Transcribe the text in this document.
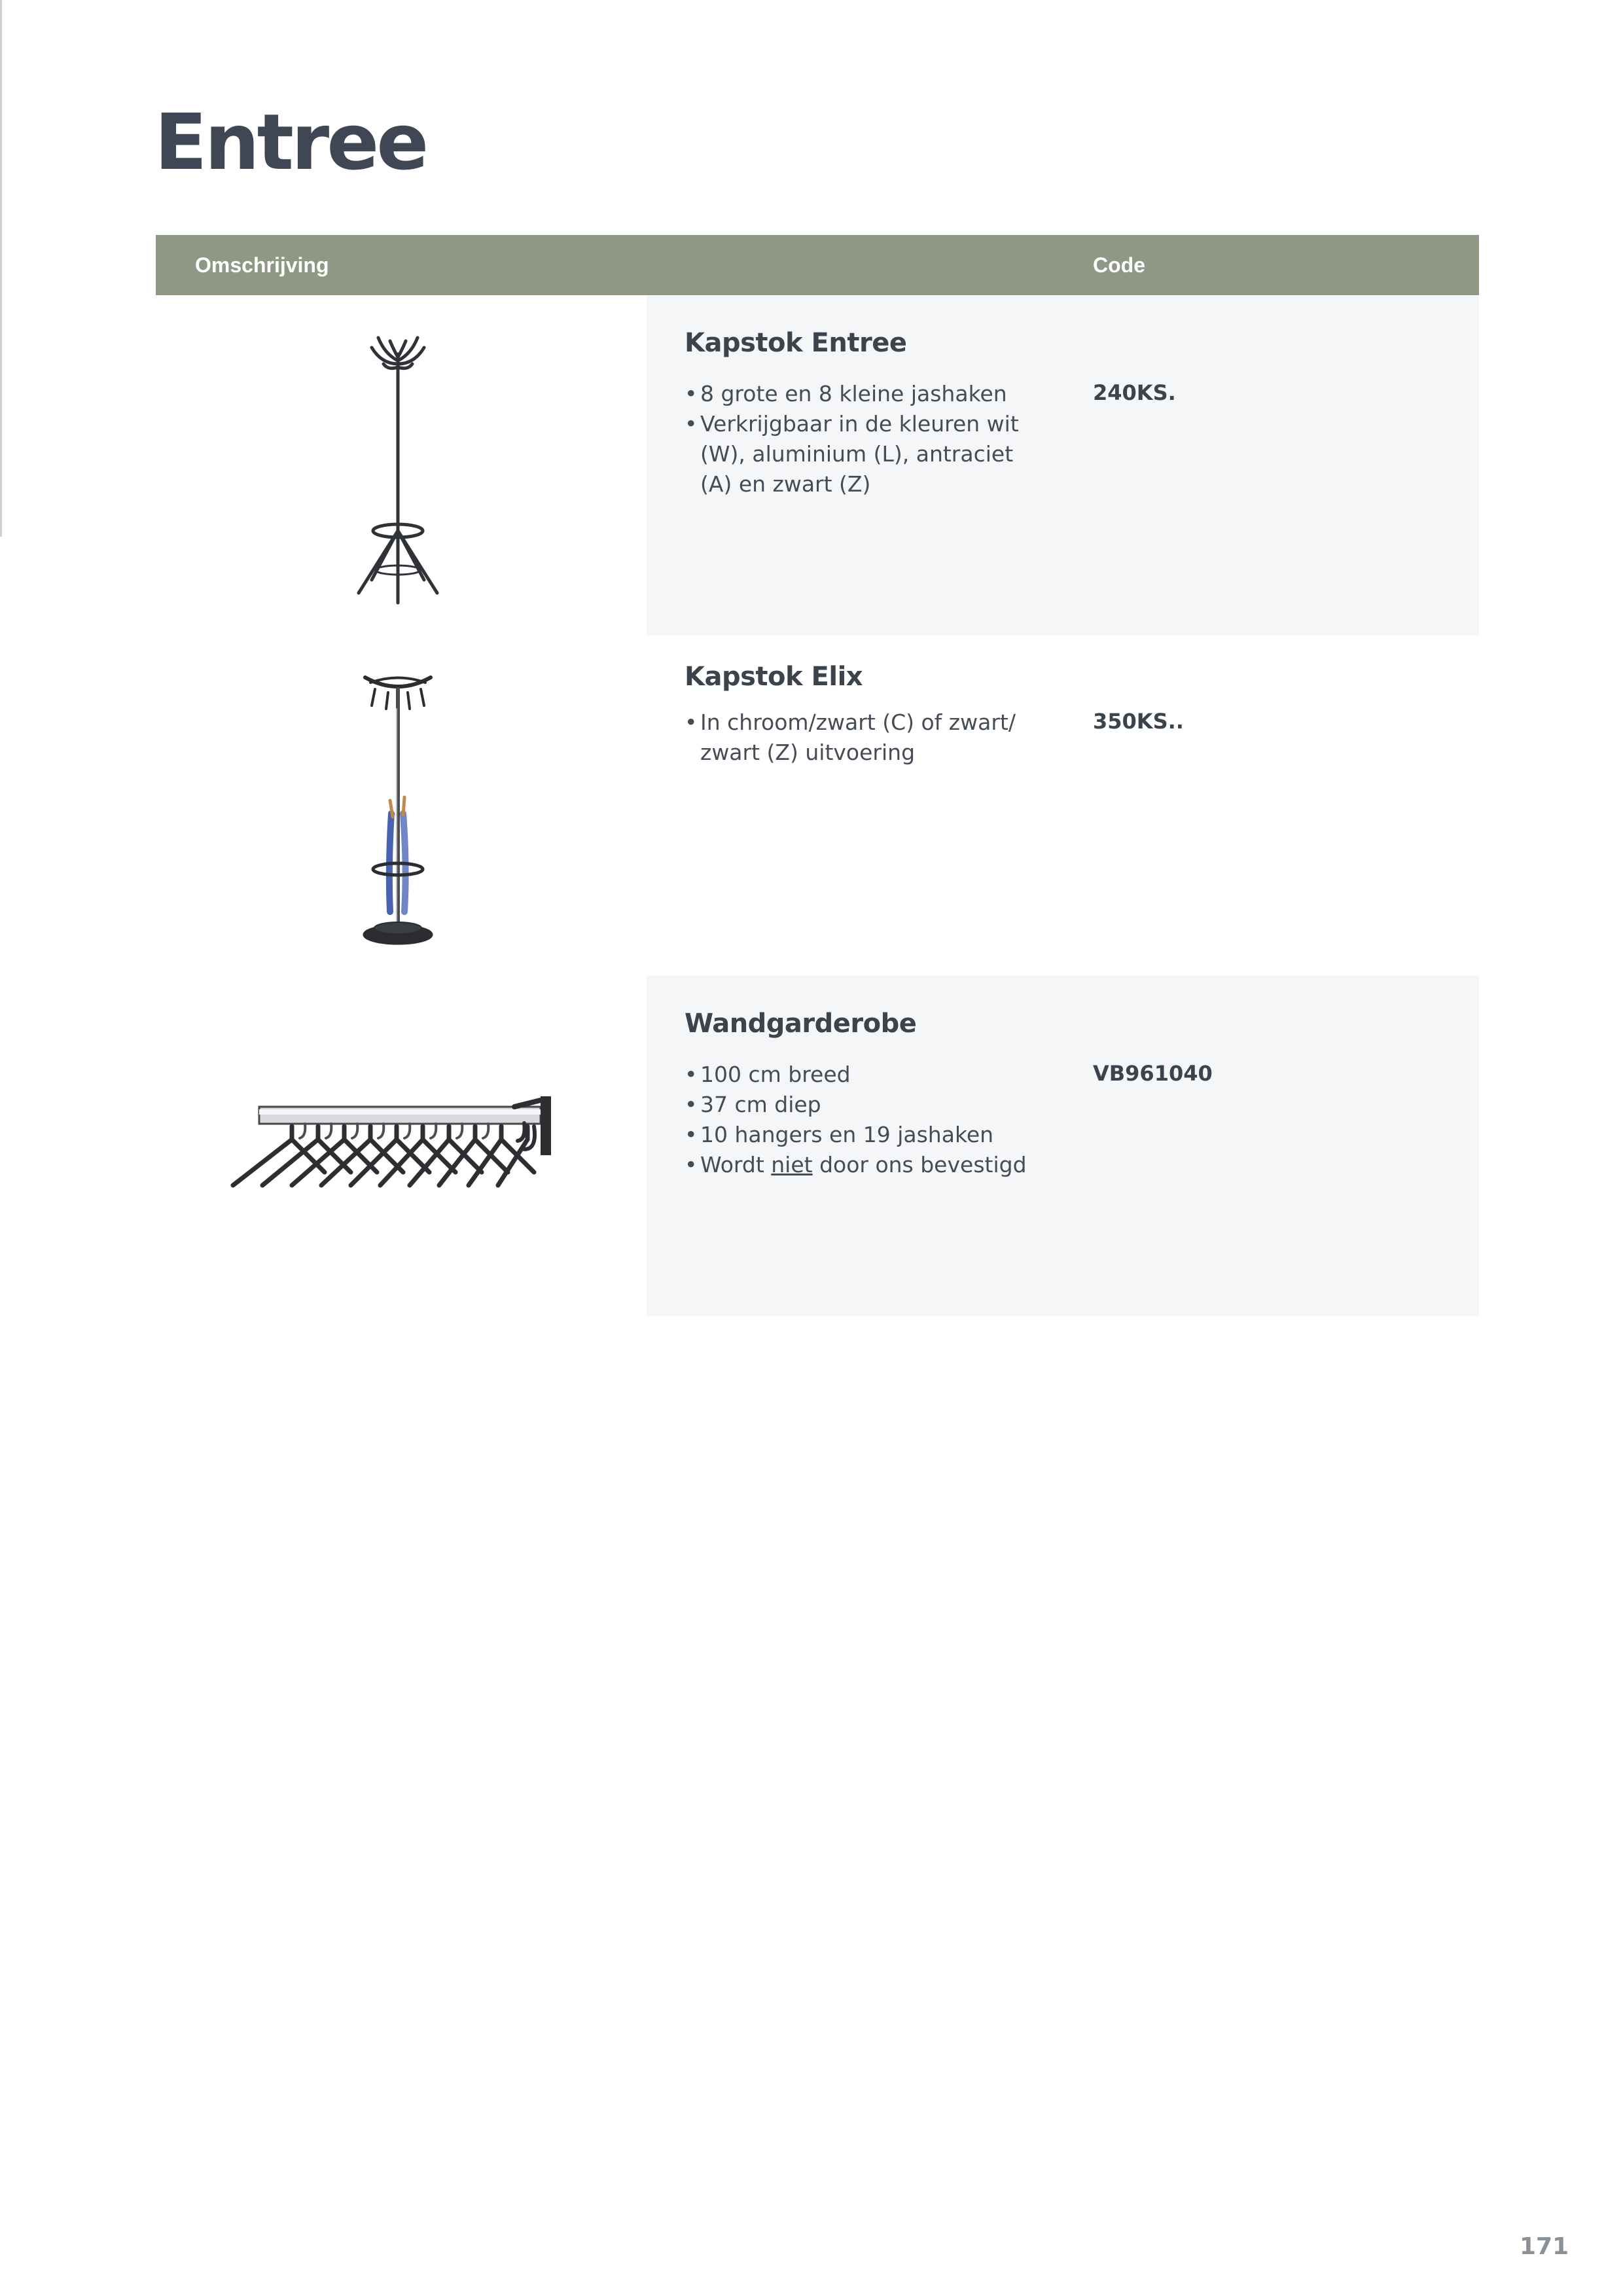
Entree
Omschrijving	Code
Kapstok Entree
• 8 grote en 8 kleine jashaken
• Verkrijgbaar in de kleuren wit (W), aluminium (L), antraciet (A) en zwart (Z)
240KS.
Kapstok Elix
• In chroom/zwart (C) of zwart/ zwart (Z) uitvoering
350KS..
Wandgarderobe
• 100 cm breed
• 37 cm diep
• 10 hangers en 19 jashaken
• Wordt niet door ons bevestigd
VB961040
171
